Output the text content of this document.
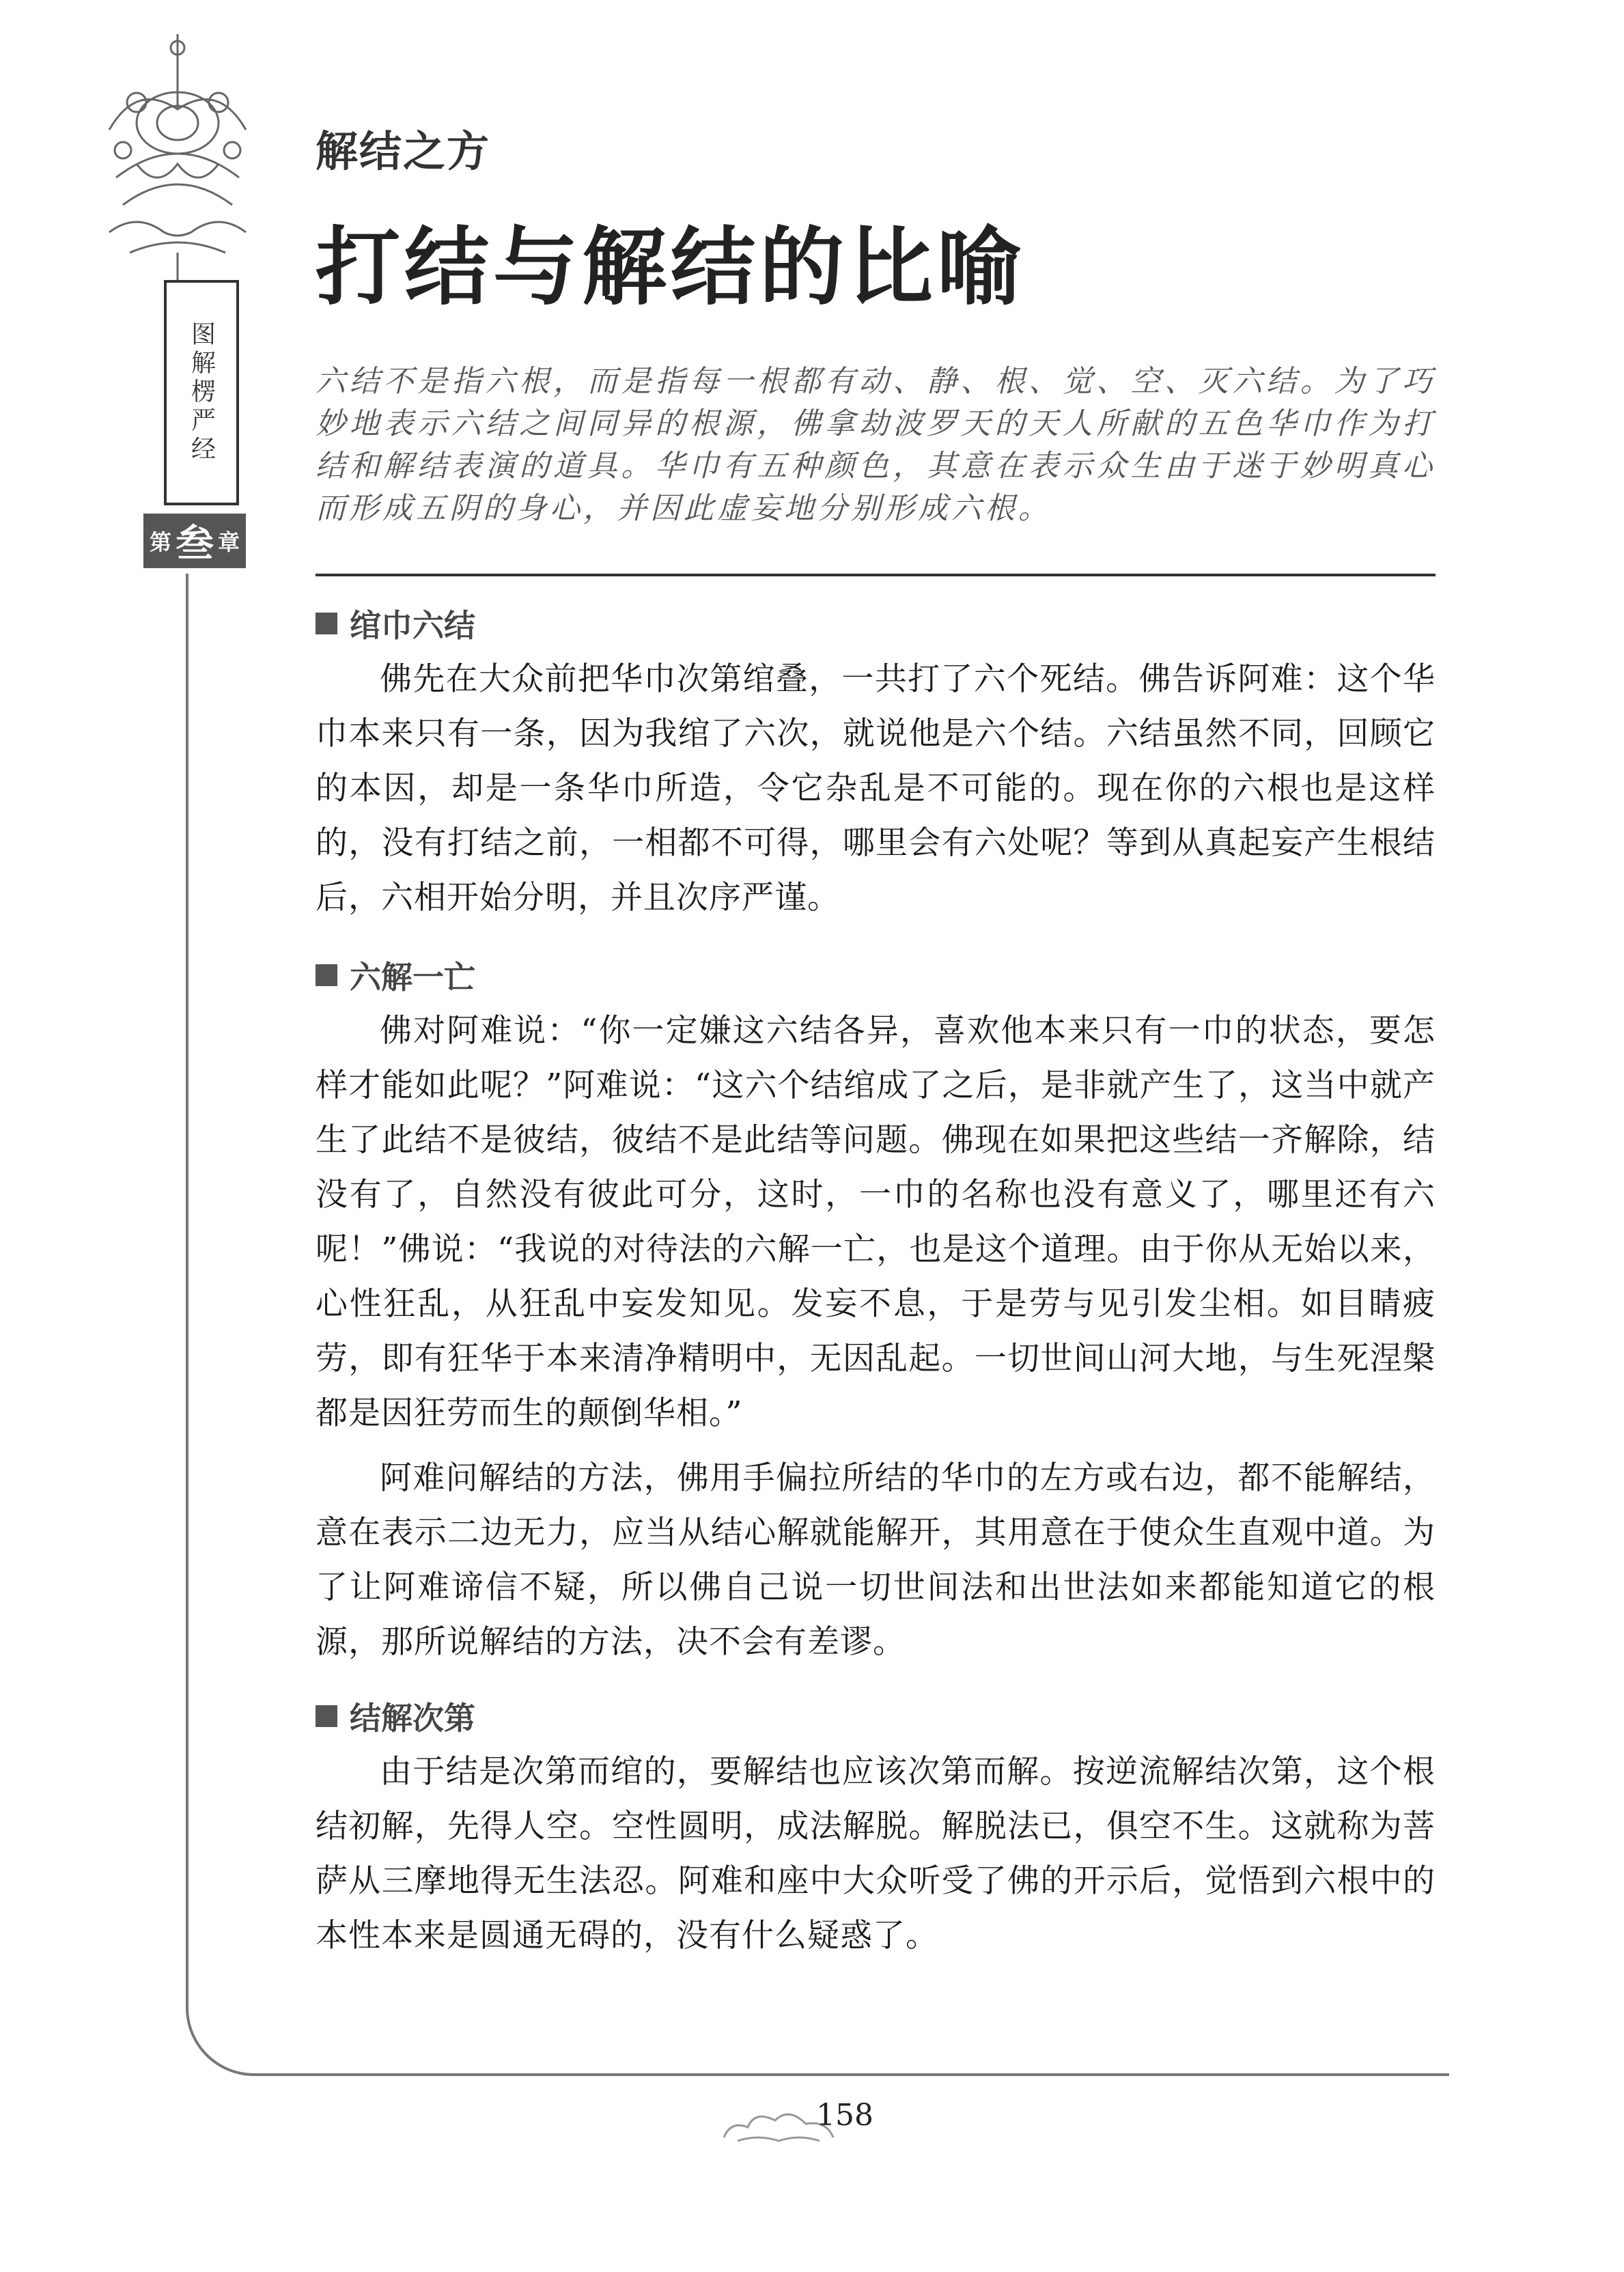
图解楞严经
第 叁 章
解结之方
打结与解结的比喻
六结不是指六根，而是指每一根都有动、静、根、觉、空、灭六结。为了巧妙地表示六结之间同异的根源，佛拿劫波罗天的天人所献的五色华巾作为打结和解结表演的道具。华巾有五种颜色，其意在表示众生由于迷于妙明真心而形成五阴的身心，并因此虚妄地分别形成六根。
绾巾六结
佛先在大众前把华巾次第绾叠，一共打了六个死结。佛告诉阿难：这个华巾本来只有一条，因为我绾了六次，就说他是六个结。六结虽然不同，回顾它的本因，却是一条华巾所造，令它杂乱是不可能的。现在你的六根也是这样的，没有打结之前，一相都不可得，哪里会有六处呢？等到从真起妄产生根结后，六相开始分明，并且次序严谨。
六解一亡
佛对阿难说：“你一定嫌这六结各异，喜欢他本来只有一巾的状态，要怎样才能如此呢？”阿难说：“这六个结绾成了之后，是非就产生了，这当中就产生了此结不是彼结，彼结不是此结等问题。佛现在如果把这些结一齐解除，结没有了，自然没有彼此可分，这时，一巾的名称也没有意义了，哪里还有六呢！”佛说：“我说的对待法的六解一亡，也是这个道理。由于你从无始以来，心性狂乱，从狂乱中妄发知见。发妄不息，于是劳与见引发尘相。如目睛疲劳，即有狂华于本来清净精明中，无因乱起。一切世间山河大地，与生死涅槃都是因狂劳而生的颠倒华相。”
阿难问解结的方法，佛用手偏拉所结的华巾的左方或右边，都不能解结，意在表示二边无力，应当从结心解就能解开，其用意在于使众生直观中道。为了让阿难谛信不疑，所以佛自己说一切世间法和出世法如来都能知道它的根源，那所说解结的方法，决不会有差谬。
结解次第
由于结是次第而绾的，要解结也应该次第而解。按逆流解结次第，这个根结初解，先得人空。空性圆明，成法解脱。解脱法已，俱空不生。这就称为菩萨从三摩地得无生法忍。阿难和座中大众听受了佛的开示后，觉悟到六根中的本性本来是圆通无碍的，没有什么疑惑了。
158
